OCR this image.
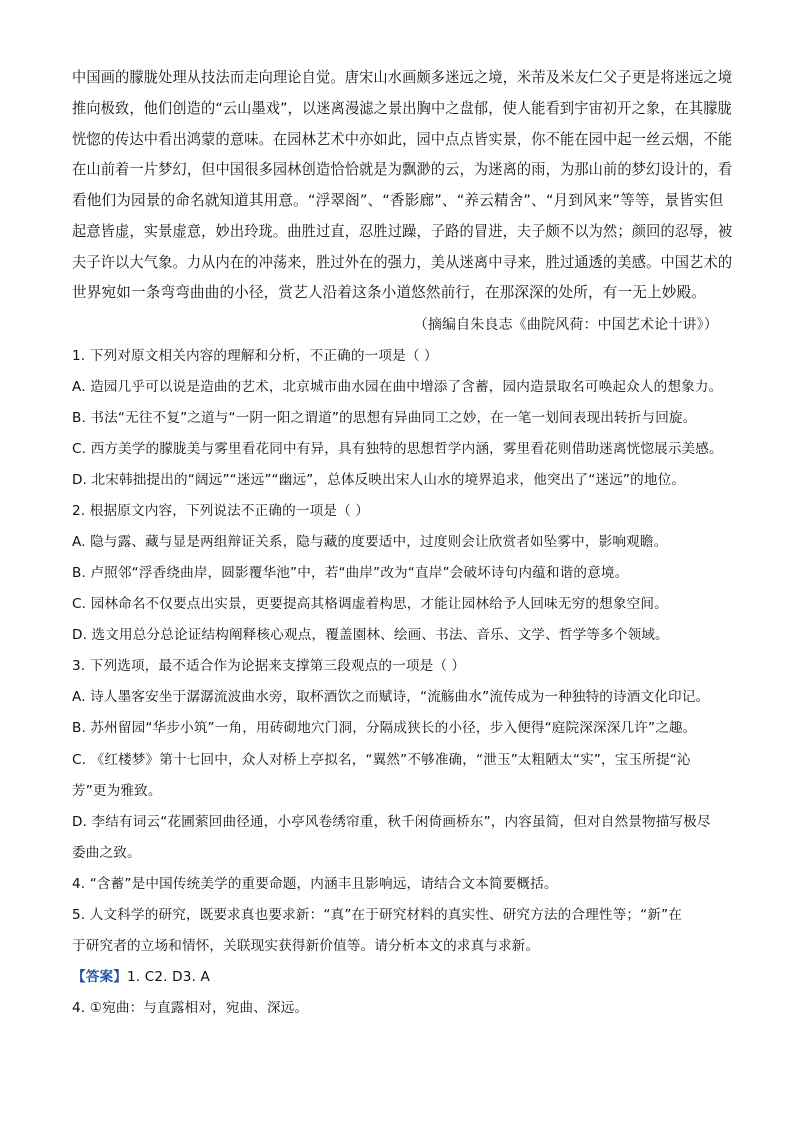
中国画的朦胧处理从技法而走向理论自觉。唐宋山水画颇多迷远之境，米芾及米友仁父子更是将迷远之境
推向极致，他们创造的“云山墨戏”，以迷离漫滤之景出胸中之盘郁，使人能看到宇宙初开之象，在其朦胧
恍惚的传达中看出鸿蒙的意味。在园林艺术中亦如此，园中点点皆实景，你不能在园中起一丝云烟，不能
在山前着一片梦幻，但中国很多园林创造恰恰就是为飘渺的云，为迷离的雨，为那山前的梦幻设计的，看
看他们为园景的命名就知道其用意。“浮翠阁”、“香影廊”、“养云精舍”、“月到风来”等等，景皆实但
起意皆虚，实景虚意，妙出玲珑。曲胜过直，忍胜过躁，子路的冒进，夫子颇不以为然；颜回的忍辱，被
夫子许以大气象。力从内在的冲荡来，胜过外在的强力，美从迷离中寻来，胜过通透的美感。中国艺术的
世界宛如一条弯弯曲曲的小径，赏艺人沿着这条小道悠然前行，在那深深的处所，有一无上妙殿。
（摘编自朱良志《曲院风荷：中国艺术论十讲》）
1. 下列对原文相关内容的理解和分析，不正确的一项是（ ）
A. 造园几乎可以说是造曲的艺术，北京城市曲水园在曲中增添了含蓄，园内造景取名可唤起众人的想象力。
B. 书法“无往不复”之道与“一阴一阳之谓道”的思想有异曲同工之妙，在一笔一划间表现出转折与回旋。
C. 西方美学的朦胧美与雾里看花同中有异，具有独特的思想哲学内涵，雾里看花则借助迷离恍惚展示美感。
D. 北宋韩拙提出的“阔远”“迷远”“幽远”，总体反映出宋人山水的境界追求，他突出了“迷远”的地位。
2. 根据原文内容，下列说法不正确的一项是（ ）
A. 隐与露、藏与显是两组辩证关系，隐与藏的度要适中，过度则会让欣赏者如坠雾中，影响观瞻。
B. 卢照邻“浮香绕曲岸，圆影覆华池”中，若“曲岸”改为“直岸”会破坏诗句内蕴和谐的意境。
C. 园林命名不仅要点出实景，更要提高其格调虚着构思，才能让园林给予人回味无穷的想象空间。
D. 选文用总分总论证结构阐释核心观点，覆盖園林、绘画、书法、音乐、文学、哲学等多个领域。
3. 下列选项，最不适合作为论据来支撑第三段观点的一项是（ ）
A. 诗人墨客安坐于潺潺流波曲水旁，取杯酒饮之而赋诗，“流觞曲水”流传成为一种独特的诗酒文化印记。
B. 苏州留园“华步小筑”一角，用砖砌地穴门洞，分隔成狭长的小径，步入便得“庭院深深深几许”之趣。
C. 《红楼梦》第十七回中，众人对桥上亭拟名，“翼然”不够准确，“泄玉”太粗陋太“实”，宝玉所提“沁
芳”更为雅致。
D. 李结有词云“花圃萦回曲径通，小亭风卷绣帘重，秋千闲倚画桥东”，内容虽简，但对自然景物描写极尽
委曲之致。
4. “含蓄”是中国传统美学的重要命题，内涵丰且影响远，请结合文本简要概括。
5. 人文科学的研究，既要求真也要求新：“真”在于研究材料的真实性、研究方法的合理性等；“新”在
于研究者的立场和情怀，关联现实获得新价值等。请分析本文的求真与求新。
【答案】1. C2. D3. A
4. ①宛曲：与直露相对，宛曲、深远。
